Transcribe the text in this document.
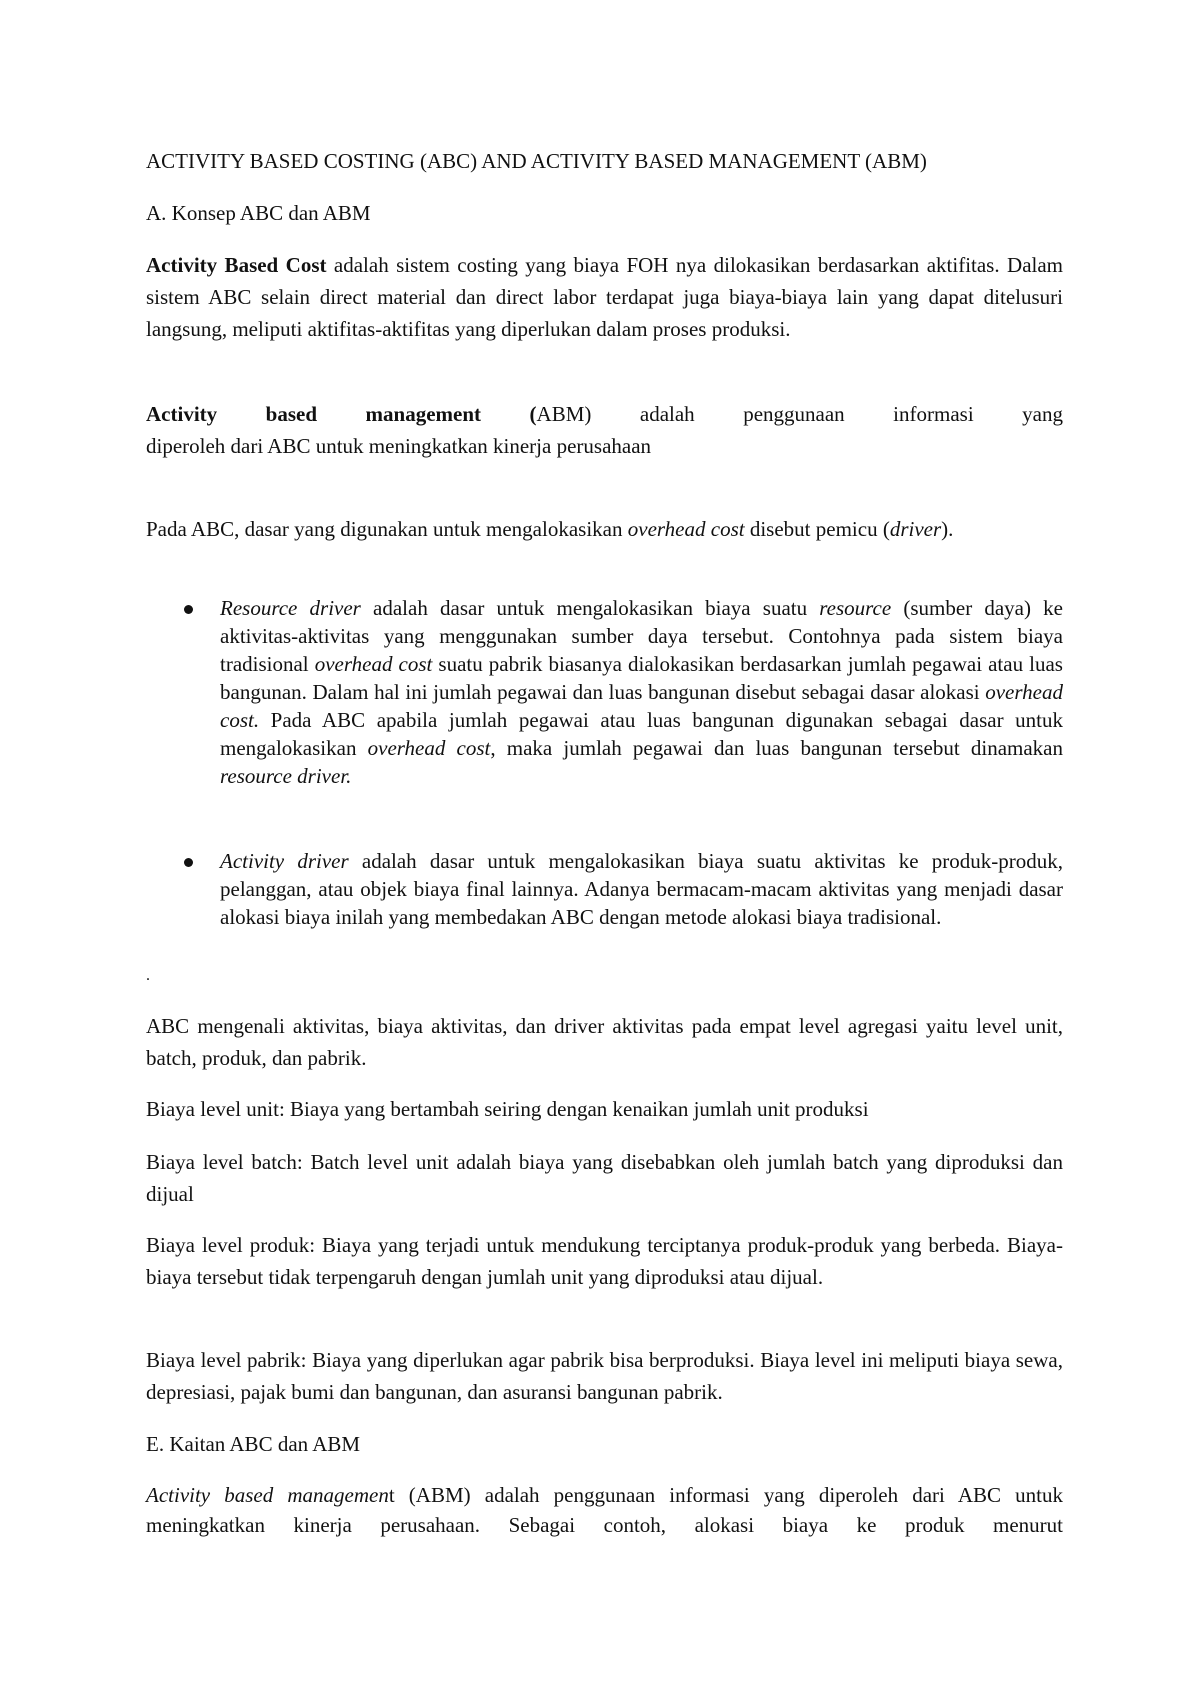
ACTIVITY BASED COSTING (ABC) AND ACTIVITY BASED MANAGEMENT (ABM)

A. Konsep ABC dan ABM

Activity Based Cost adalah sistem costing yang biaya FOH nya dilokasikan berdasarkan aktifitas. Dalam sistem ABC selain direct material dan direct labor terdapat juga biaya-biaya lain yang dapat ditelusuri langsung, meliputi aktifitas-aktifitas yang diperlukan dalam proses produksi.

Activity based management (ABM) adalah penggunaan informasi yang

diperoleh dari ABC untuk meningkatkan kinerja perusahaan

Pada ABC, dasar yang digunakan untuk mengalokasikan overhead cost disebut pemicu (driver).

Resource driver adalah dasar untuk mengalokasikan biaya suatu resource (sumber daya) ke aktivitas-aktivitas yang menggunakan sumber daya tersebut. Contohnya pada sistem biaya tradisional overhead cost suatu pabrik biasanya dialokasikan berdasarkan jumlah pegawai atau luas bangunan. Dalam hal ini jumlah pegawai dan luas bangunan disebut sebagai dasar alokasi overhead cost. Pada ABC apabila jumlah pegawai atau luas bangunan digunakan sebagai dasar untuk mengalokasikan overhead cost, maka jumlah pegawai dan luas bangunan tersebut dinamakan resource driver.

Activity driver adalah dasar untuk mengalokasikan biaya suatu aktivitas ke produk-produk, pelanggan, atau objek biaya final lainnya. Adanya bermacam-macam aktivitas yang menjadi dasar alokasi biaya inilah yang membedakan ABC dengan metode alokasi biaya tradisional.

.

ABC mengenali aktivitas, biaya aktivitas, dan driver aktivitas pada empat level agregasi yaitu level unit, batch, produk, dan pabrik.

Biaya level unit: Biaya yang bertambah seiring dengan kenaikan jumlah unit produksi

Biaya level batch: Batch level unit adalah biaya yang disebabkan oleh jumlah batch yang diproduksi dan dijual

Biaya level produk: Biaya yang terjadi untuk mendukung terciptanya produk-produk yang berbeda. Biaya-biaya tersebut tidak terpengaruh dengan jumlah unit yang diproduksi atau dijual.

Biaya level pabrik: Biaya yang diperlukan agar pabrik bisa berproduksi. Biaya level ini meliputi biaya sewa, depresiasi, pajak bumi dan bangunan, dan asuransi bangunan pabrik.

E. Kaitan ABC dan ABM

Activity based management (ABM) adalah penggunaan informasi yang diperoleh dari ABC untuk meningkatkan kinerja perusahaan. Sebagai contoh, alokasi biaya ke produk menurut
